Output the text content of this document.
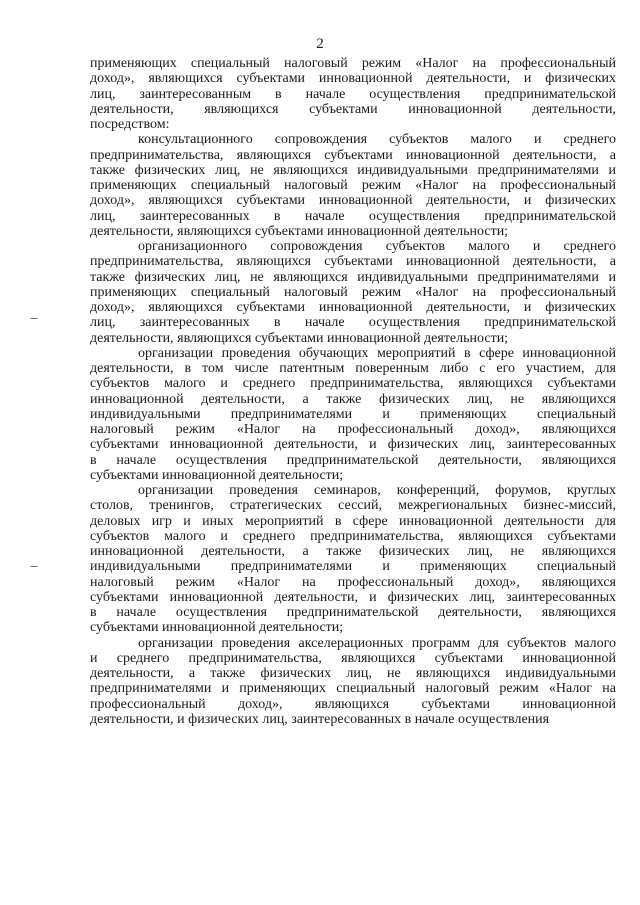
2

применяющих специальный налоговый режим «Налог на профессиональный

доход», являющихся субъектами инновационной деятельности, и физических

лиц, заинтересованным в начале осуществления предпринимательской

деятельности, являющихся субъектами инновационной деятельности,

посредством:

консультационного сопровождения субъектов малого и среднего

предпринимательства, являющихся субъектами инновационной деятельности, а

также физических лиц, не являющихся индивидуальными предпринимателями и

применяющих специальный налоговый режим «Налог на профессиональный

доход», являющихся субъектами инновационной деятельности, и физических

лиц, заинтересованных в начале осуществления предпринимательской

деятельности, являющихся субъектами инновационной деятельности;

организационного сопровождения субъектов малого и среднего

предпринимательства, являющихся субъектами инновационной деятельности, а

также физических лиц, не являющихся индивидуальными предпринимателями и

применяющих специальный налоговый режим «Налог на профессиональный

доход», являющихся субъектами инновационной деятельности, и физических

лиц, заинтересованных в начале осуществления предпринимательской

деятельности, являющихся субъектами инновационной деятельности;

организации проведения обучающих мероприятий в сфере инновационной

деятельности, в том числе патентным поверенным либо с его участием, для

субъектов малого и среднего предпринимательства, являющихся субъектами

инновационной деятельности, а также физических лиц, не являющихся

индивидуальными предпринимателями и применяющих специальный

налоговый режим «Налог на профессиональный доход», являющихся

субъектами инновационной деятельности, и физических лиц, заинтересованных

в начале осуществления предпринимательской деятельности, являющихся

субъектами инновационной деятельности;

организации проведения семинаров, конференций, форумов, круглых

столов, тренингов, стратегических сессий, межрегиональных бизнес-миссий,

деловых игр и иных мероприятий в сфере инновационной деятельности для

субъектов малого и среднего предпринимательства, являющихся субъектами

инновационной деятельности, а также физических лиц, не являющихся

индивидуальными предпринимателями и применяющих специальный

налоговый режим «Налог на профессиональный доход», являющихся

субъектами инновационной деятельности, и физических лиц, заинтересованных

в начале осуществления предпринимательской деятельности, являющихся

субъектами инновационной деятельности;

организации проведения акселерационных программ для субъектов малого

и среднего предпринимательства, являющихся субъектами инновационной

деятельности, а также физических лиц, не являющихся индивидуальными

предпринимателями и применяющих специальный налоговый режим «Налог на

профессиональный доход», являющихся субъектами инновационной

деятельности, и физических лиц, заинтересованных в начале осуществления
